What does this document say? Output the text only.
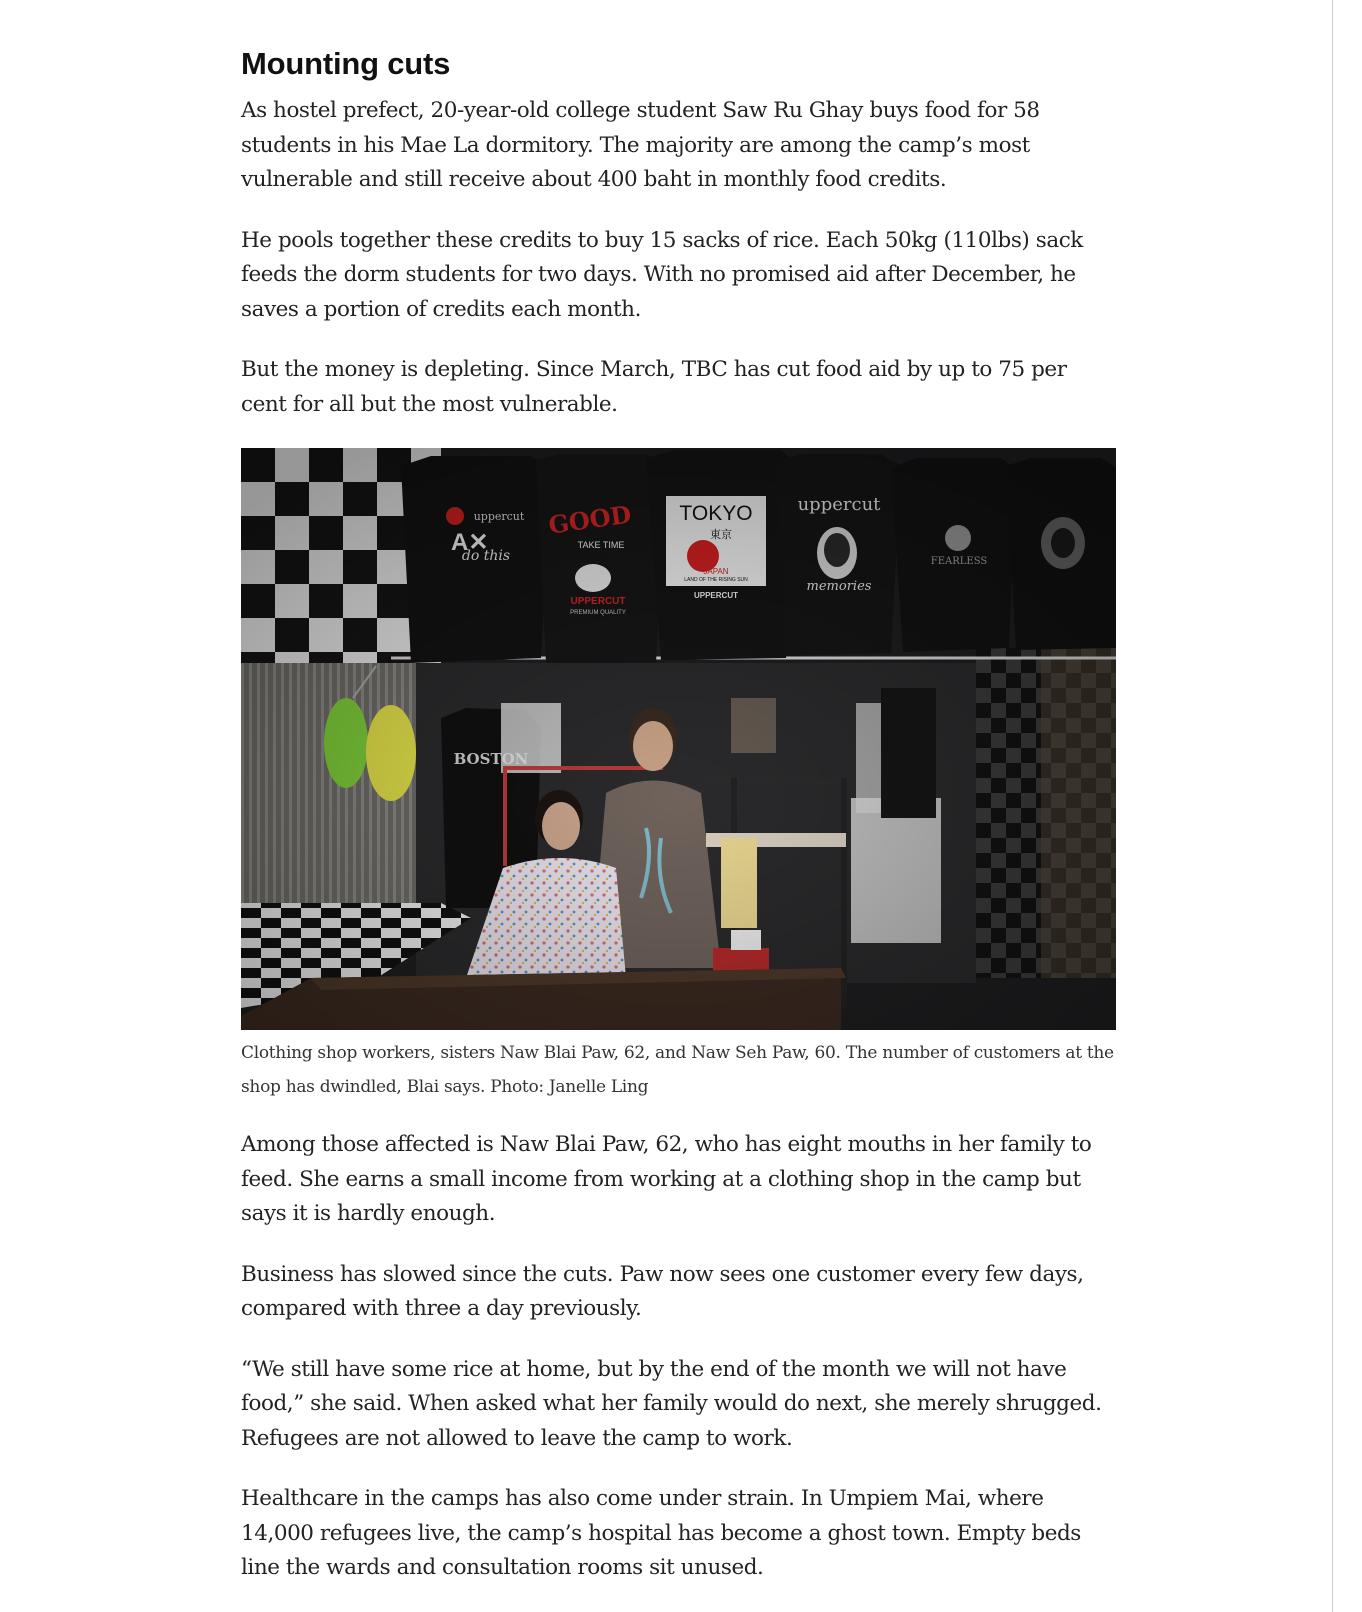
Mounting cuts

As hostel prefect, 20-year-old college student Saw Ru Ghay buys food for 58 students in his Mae La dormitory. The majority are among the camp’s most vulnerable and still receive about 400 baht in monthly food credits.

He pools together these credits to buy 15 sacks of rice. Each 50kg (110lbs) sack feeds the dorm students for two days. With no promised aid after December, he saves a portion of credits each month.

But the money is depleting. Since March, TBC has cut food aid by up to 75 per cent for all but the most vulnerable.

Clothing shop workers, sisters Naw Blai Paw, 62, and Naw Seh Paw, 60. The number of customers at the shop has dwindled, Blai says. Photo: Janelle Ling

Among those affected is Naw Blai Paw, 62, who has eight mouths in her family to feed. She earns a small income from working at a clothing shop in the camp but says it is hardly enough.

Business has slowed since the cuts. Paw now sees one customer every few days, compared with three a day previously.

“We still have some rice at home, but by the end of the month we will not have food,” she said. When asked what her family would do next, she merely shrugged. Refugees are not allowed to leave the camp to work.

Healthcare in the camps has also come under strain. In Umpiem Mai, where 14,000 refugees live, the camp’s hospital has become a ghost town. Empty beds line the wards and consultation rooms sit unused.
